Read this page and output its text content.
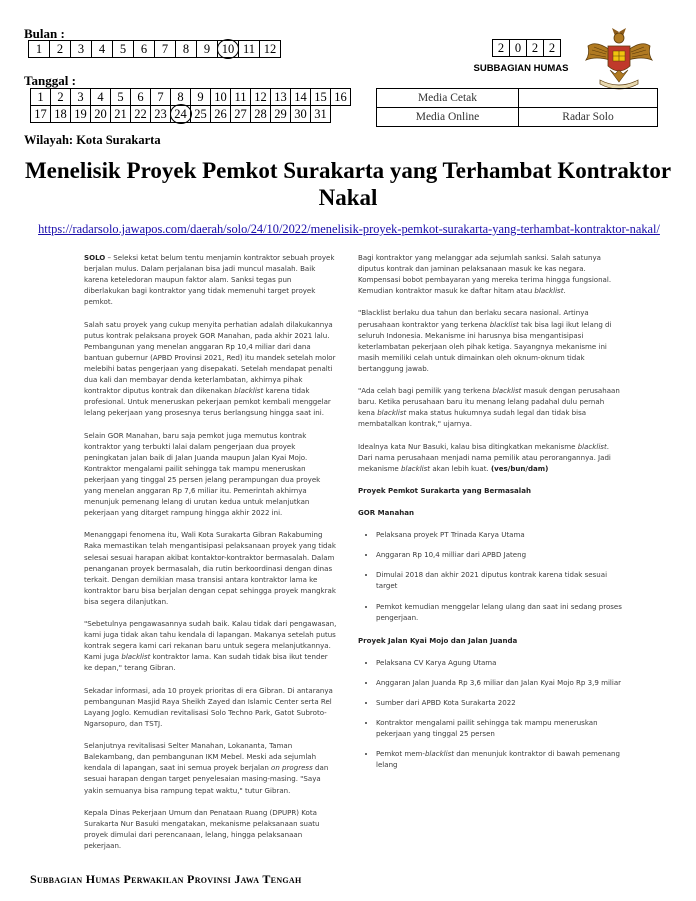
Bulan :
1	2	3	4	5	6	7	8	9	10	11	12	2	0	2	2
SUBBAGIAN HUMAS
Tanggal :
1	2	3	4	5	6	7	8	9	10	11	12	13	14	15	16
17	18	19	20	21	22	23	24	25	26	27	28	29	30	31	
Media Cetak	
Media Online	Radar Solo
Wilayah: Kota Surakarta
Menelisik Proyek Pemkot Surakarta yang Terhambat Kontraktor Nakal
https://radarsolo.jawapos.com/daerah/solo/24/10/2022/menelisik-proyek-pemkot-surakarta-yang-terhambat-kontraktor-nakal/

SOLO – Seleksi ketat belum tentu menjamin kontraktor sebuah proyek berjalan mulus. Dalam perjalanan bisa jadi muncul masalah. Baik karena keteledoran maupun faktor alam. Sanksi tegas pun diberlakukan bagi kontraktor yang tidak memenuhi target proyek pemkot.

Salah satu proyek yang cukup menyita perhatian adalah dilakukannya putus kontrak pelaksana proyek GOR Manahan, pada akhir 2021 lalu. Pembangunan yang menelan anggaran Rp 10,4 miliar dari dana bantuan gubernur (APBD Provinsi 2021, Red) itu mandek setelah molor melebihi batas pengerjaan yang disepakati. Setelah mendapat penalti dua kali dan membayar denda keterlambatan, akhirnya pihak kontraktor diputus kontrak dan dikenakan blacklist karena tidak profesional. Untuk meneruskan pekerjaan pemkot kembali menggelar lelang pekerjaan yang prosesnya terus berlangsung hingga saat ini.

Selain GOR Manahan, baru saja pemkot juga memutus kontrak kontraktor yang terbukti lalai dalam pengerjaan dua proyek peningkatan jalan baik di Jalan Juanda maupun Jalan Kyai Mojo. Kontraktor mengalami pailit sehingga tak mampu meneruskan pekerjaan yang tinggal 25 persen jelang perampungan dua proyek yang menelan anggaran Rp 7,6 miliar itu. Pemerintah akhirnya menunjuk pemenang lelang di urutan kedua untuk melanjutkan pekerjaan yang ditarget rampung hingga akhir 2022 ini.

Menanggapi fenomena itu, Wali Kota Surakarta Gibran Rakabuming Raka memastikan telah mengantisipasi pelaksanaan proyek yang tidak selesai sesuai harapan akibat kontaktor-kontraktor bermasalah. Dalam penanganan proyek bermasalah, dia rutin berkoordinasi dengan dinas terkait. Dengan demikian masa transisi antara kontraktor lama ke kontraktor baru bisa berjalan dengan cepat sehingga proyek mangkrak bisa segera dilanjutkan.

"Sebetulnya pengawasannya sudah baik. Kalau tidak dari pengawasan, kami juga tidak akan tahu kendala di lapangan. Makanya setelah putus kontrak segera kami cari rekanan baru untuk segera melanjutkannya. Kami juga blacklist kontraktor lama. Kan sudah tidak bisa ikut tender ke depan," terang Gibran.

Sekadar informasi, ada 10 proyek prioritas di era Gibran. Di antaranya pembangunan Masjid Raya Sheikh Zayed dan Islamic Center serta Rel Layang Joglo. Kemudian revitalisasi Solo Techno Park, Gatot Subroto-Ngarsopuro, dan TSTJ.

Selanjutnya revitalisasi Selter Manahan, Lokananta, Taman Balekambang, dan pembangunan IKM Mebel. Meski ada sejumlah kendala di lapangan, saat ini semua proyek berjalan on progress dan sesuai harapan dengan target penyelesaian masing-masing. "Saya yakin semuanya bisa rampung tepat waktu," tutur Gibran.

Kepala Dinas Pekerjaan Umum dan Penataan Ruang (DPUPR) Kota Surakarta Nur Basuki mengatakan, mekanisme pelaksanaan suatu proyek dimulai dari perencanaan, lelang, hingga pelaksanaan pekerjaan.

Bagi kontraktor yang melanggar ada sejumlah sanksi. Salah satunya diputus kontrak dan jaminan pelaksanaan masuk ke kas negara. Kompensasi bobot pembayaran yang mereka terima hingga fungsional. Kemudian kontraktor masuk ke daftar hitam atau blacklist.

"Blacklist berlaku dua tahun dan berlaku secara nasional. Artinya perusahaan kontraktor yang terkena blacklist tak bisa lagi ikut lelang di seluruh Indonesia. Mekanisme ini harusnya bisa mengantisipasi keterlambatan pekerjaan oleh pihak ketiga. Sayangnya mekanisme ini masih memiliki celah untuk dimainkan oleh oknum-oknum tidak bertanggung jawab.

"Ada celah bagi pemilik yang terkena blacklist masuk dengan perusahaan baru. Ketika perusahaan baru itu menang lelang padahal dulu pernah kena blacklist maka status hukumnya sudah legal dan tidak bisa membatalkan kontrak," ujarnya.

Idealnya kata Nur Basuki, kalau bisa ditingkatkan mekanisme blacklist. Dari nama perusahaan menjadi nama pemilik atau perorangannya. Jadi mekanisme blacklist akan lebih kuat. (ves/bun/dam)

Proyek Pemkot Surakarta yang Bermasalah

GOR Manahan

• Pelaksana proyek PT Trinada Karya Utama
• Anggaran Rp 10,4 milliar dari APBD Jateng
• Dimulai 2018 dan akhir 2021 diputus kontrak karena tidak sesuai target
• Pemkot kemudian menggelar lelang ulang dan saat ini sedang proses pengerjaan.

Proyek Jalan Kyai Mojo dan Jalan Juanda

• Pelaksana CV Karya Agung Utama
• Anggaran Jalan Juanda Rp 3,6 miliar dan Jalan Kyai Mojo Rp 3,9 miliar
• Sumber dari APBD Kota Surakarta 2022
• Kontraktor mengalami pailit sehingga tak mampu meneruskan pekerjaan yang tinggal 25 persen
• Pemkot mem-blacklist dan menunjuk kontraktor di bawah pemenang lelang
Subbagian Humas Perwakilan Provinsi Jawa Tengah
